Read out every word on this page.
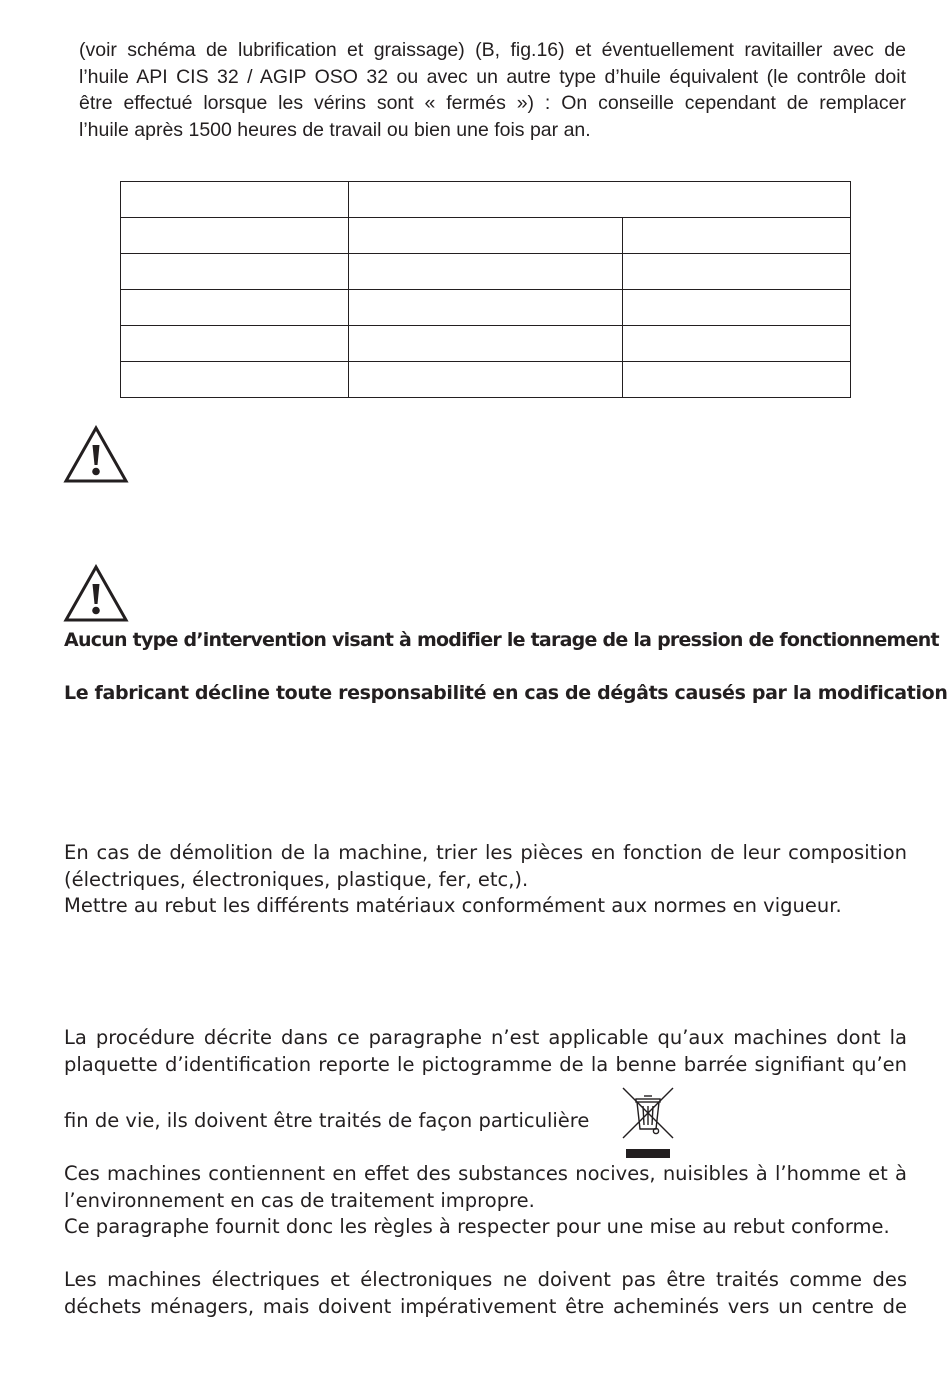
(voir schéma de lubrification et graissage) (B, fig.16) et éventuellement ravitailler avec de
l’huile API CIS 32 / AGIP OSO 32 ou avec un autre type d’huile équivalent (le contrôle doit
être effectué lorsque les vérins sont « fermés ») : On conseille cependant de remplacer
l’huile après 1500 heures de travail ou bien une fois par an.

Aucun type d’intervention visant à modifier le tarage de la pression de fonctionnement
Le fabricant décline toute responsabilité en cas de dégâts causés par la modification
En cas de démolition de la machine, trier les pièces en fonction de leur composition
(électriques, électroniques, plastique, fer, etc,).
Mettre au rebut les différents matériaux conformément aux normes en vigueur.
La procédure décrite dans ce paragraphe n’est applicable qu’aux machines dont la
plaquette d’identification reporte le pictogramme de la benne barrée signifiant qu’en
fin de vie, ils doivent être traités de façon particulière
Ces machines contiennent en effet des substances nocives, nuisibles à l’homme et à
l’environnement en cas de traitement impropre.
Ce paragraphe fournit donc les règles à respecter pour une mise au rebut conforme.
Les machines électriques et électroniques ne doivent pas être traités comme des
déchets ménagers, mais doivent impérativement être acheminés vers un centre de
